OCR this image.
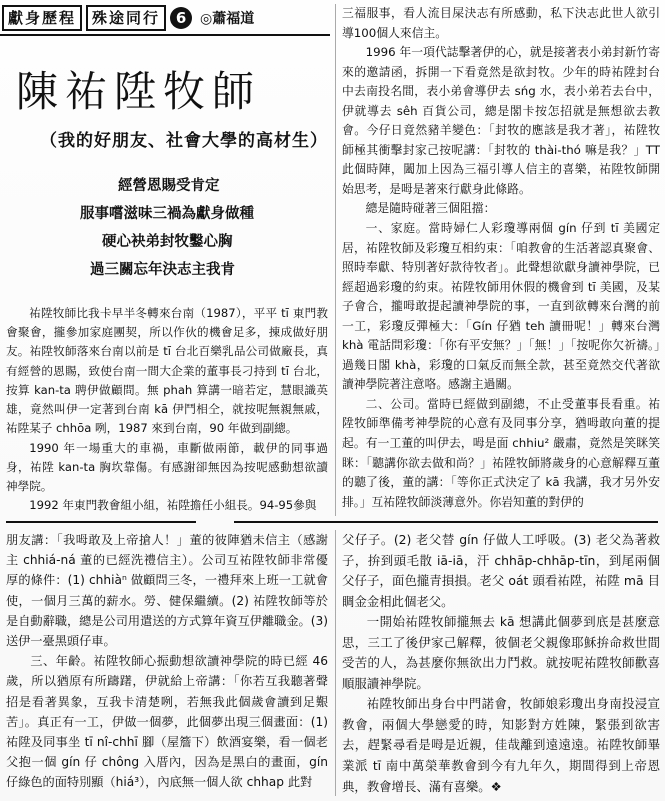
獻身歷程	殊途同行	6 ◎蕭福道
陳祐陞牧師
（我的好朋友、社會大學的高材生）
經營恩賜受肯定
服事嚐滋味三禍為獻身做種
硬心袂弟封牧鑿心胸
過三關忘年決志主我肯

祐陞牧師比我卡早半冬轉來台南（1987），平平 tī 東門教會聚會，攏參加家庭團契，所以作伙的機會足多，㨂成做好朋友。祐陞牧師落來台南以前是 tī 台北百樂乳品公司做廠長，真有經營的恩賜，致使台南一間大企業的董事長刁持到 tī 台北，按算 kan-ta 聘伊做顧問。無 phah 算講一暗若定，慧眼識英雄，竟然叫伊一定著到台南 kā 伊鬥相仝，就按呢無親無戚，祐陞某子 chhōa 咧，1987 來到台南，90 年做到副總。

1990 年一場重大的車禍，車斷做兩節，載伊的同事過身，祐陞 kan-ta 胸坎靠傷。有感謝卻無因為按呢感動想欲讀神學院。

1992 年東門教會組小組，祐陞擔任小組長。94-95參與

三福服事，看人流目屎決志有所感動，私下決志此世人欲引導100個人來信主。

1996 年一項代誌擊著伊的心，就是接著表小弟封新竹寄來的邀請函，拆開一下看竟然是欲封牧。少年的時祐陞封台中去南投名間，表小弟會導伊去 sńg 水，表小弟若去台中，伊就導去 sêh 百貨公司，總是閣卡按怎招就是無想欲去教會。今仔日竟然豬羊變色：「封牧的應該是我才著」，祐陞牧師極其衝擊封家己按呢講：「封牧的 thài-thó 嘛是我？」TT 此個時陣，闔加上因為三福引導人信主的喜樂，祐陞牧師開始思考，是呣是著來行獻身此條路。

總是隨時碰著三個阻擋：

一、家庭。當時婦仁人彩瓊導兩個 gín 仔到 tī 美國定居，祐陞牧師及彩瓊互相約束：「咱教會的生活著認真聚會、照時奉獻、特別著好款待牧者」。此聲想欲獻身讀神學院，已經超過彩瓊的約束。祐陞牧師用休假的機會到 tī 美國，及某子會合，攏呣敢提起讀神學院的事，一直到欲轉來台灣的前一工，彩瓊反彈極大：「Gín 仔猶 teh 讀冊呢！」轉來台灣 khà 電話問彩瓊：「你有平安無？」「無！」「按呢你欠祈禱。」過幾日閣 khà，彩瓊的口氣反而無全款，甚至竟然交代著欲讀神學院著注意咯。感謝主過關。

二、公司。當時已經做到副總，不止受董事長看重。祐陞牧師準備考神學院的心意有及同事分享，猶呣敢向董的提起。有一工董的叫伊去，呣是面 chhiu² 嚴肅，竟然是笑眯笑眯：「聽講你欲去做和尚？」祐陞牧師將歲身的心意解釋互董的聽了後，董的講：「等你正式決定了 kā 我講，我才另外安排。」互祐陞牧師淡薄意外。你岩知董的對伊的

朋友講：「我呣敢及上帝搶人！」董的彼陣猶未信主（感謝主 chhiá-ná 董的已經洗禮信主）。公司互祐陞牧師非常優厚的條件：(1) chhiàⁿ 做顧問三冬，一禮拜來上班一工就會使，一個月三萬的薪水。勞、健保繼續。(2) 祐陞牧師等於是自動辭職，總是公司用遣送的方式算年資互伊離職金。(3) 送伊一臺黑頭仔車。

三、年齡。祐陞牧師心振動想欲讀神學院的時已經 46 歲，所以猶原有所躊躇，伊就給上帝講：「你若互我聽著聲招是看著異象，互我卡清楚咧，若無我此個歲會讀到足艱苦」。真正有一工，伊做一個夢，此個夢出現三個畫面：(1) 祐陞及同事坐 tī nî-chhī 腳（屋簷下）飲酒宴樂，看一個老父抱一個 gín 仔 chông 入厝內，因為是黑白的畫面，gín 仔綠色的面特別顯（hiá³），內底無一個人欲 chhap 此對

父仔子。(2) 老父替 gín 仔做人工呼吸。(3) 老父為著救子，拚到頭毛散 iā-iā，汗 chhāp-chhāp-tīn，到尾兩個父仔子，面色攏青損損。老父 oát 頭看祐陞，祐陞 mā 目睭金金相此個老父。

一開始祐陞牧師攏無去 kā 想講此個夢到底是甚麼意思，三工了後伊家己解釋，彼個老父親像耶穌拚命救世間受苦的人，為甚麼你無欲出力鬥救。就按呢祐陞牧師歡喜順服讀神學院。

祐陞牧師出身台中門諾會，牧師娘彩瓊出身南投浸宣教會，兩個大學戀愛的時，知影對方姓陳，緊張到欲害去，趕緊尋看是呣是近親，佳哉離到遠遠遠。祐陞牧師畢業派 tī 南中萬榮華教會到今有九年久，期間得到上帝恩典，教會增長、滿有喜樂。❖
